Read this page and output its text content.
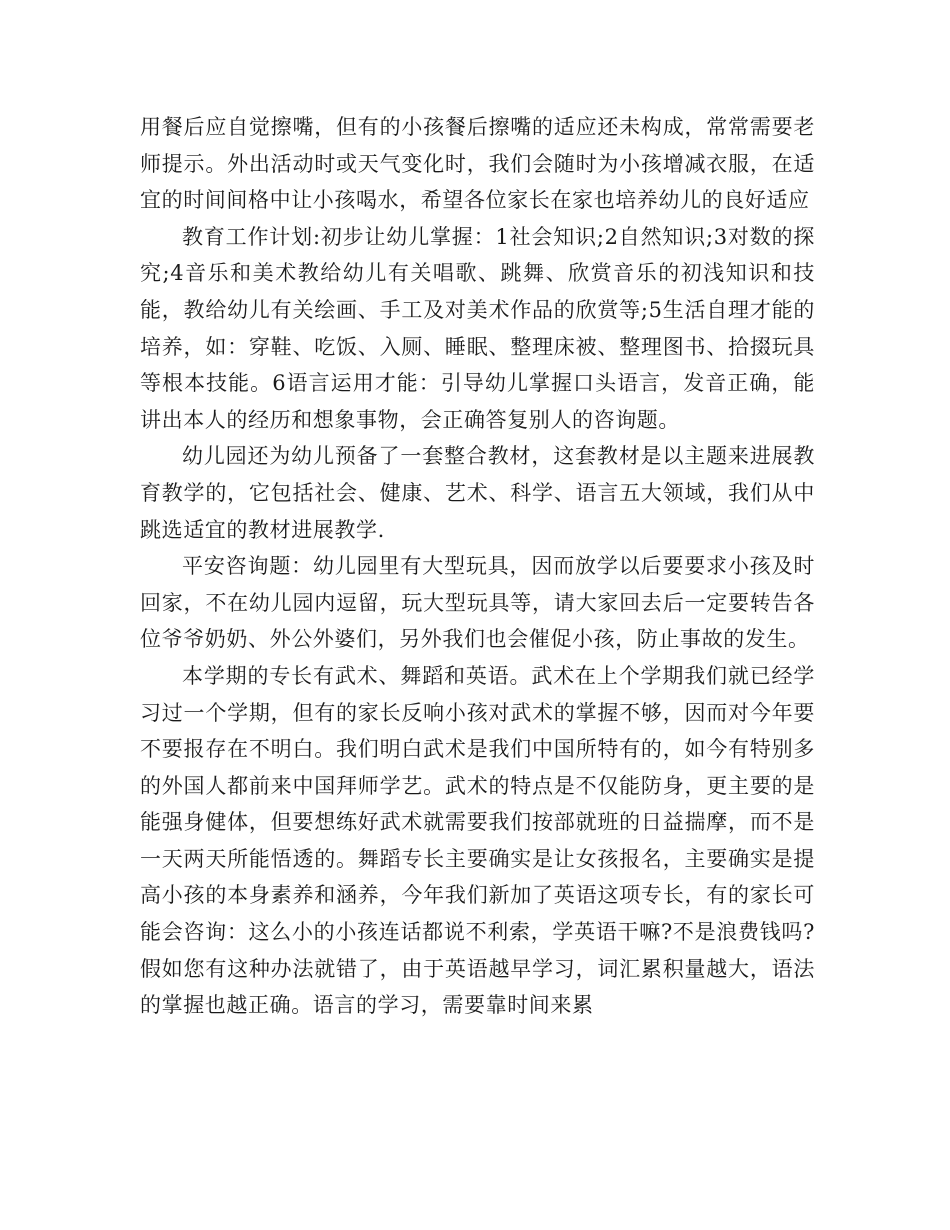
用餐后应自觉擦嘴，但有的小孩餐后擦嘴的适应还未构成，常常需要老师提示。外出活动时或天气变化时，我们会随时为小孩增减衣服，在适宜的时间间格中让小孩喝水，希望各位家长在家也培养幼儿的良好适应

教育工作计划:初步让幼儿掌握：1社会知识;2自然知识;3对数的探究;4音乐和美术教给幼儿有关唱歌、跳舞、欣赏音乐的初浅知识和技能，教给幼儿有关绘画、手工及对美术作品的欣赏等;5生活自理才能的培养，如：穿鞋、吃饭、入厕、睡眠、整理床被、整理图书、拾掇玩具等根本技能。6语言运用才能：引导幼儿掌握口头语言，发音正确，能讲出本人的经历和想象事物，会正确答复别人的咨询题。

幼儿园还为幼儿预备了一套整合教材，这套教材是以主题来进展教育教学的，它包括社会、健康、艺术、科学、语言五大领域，我们从中跳选适宜的教材进展教学.

平安咨询题：幼儿园里有大型玩具，因而放学以后要要求小孩及时回家，不在幼儿园内逗留，玩大型玩具等，请大家回去后一定要转告各位爷爷奶奶、外公外婆们，另外我们也会催促小孩，防止事故的发生。

本学期的专长有武术、舞蹈和英语。武术在上个学期我们就已经学习过一个学期，但有的家长反响小孩对武术的掌握不够，因而对今年要不要报存在不明白。我们明白武术是我们中国所特有的，如今有特别多的外国人都前来中国拜师学艺。武术的特点是不仅能防身，更主要的是能强身健体，但要想练好武术就需要我们按部就班的日益揣摩，而不是一天两天所能悟透的。舞蹈专长主要确实是让女孩报名，主要确实是提高小孩的本身素养和涵养，今年我们新加了英语这项专长，有的家长可能会咨询：这么小的小孩连话都说不利索，学英语干嘛?不是浪费钱吗?假如您有这种办法就错了，由于英语越早学习，词汇累积量越大，语法的掌握也越正确。语言的学习，需要靠时间来累
